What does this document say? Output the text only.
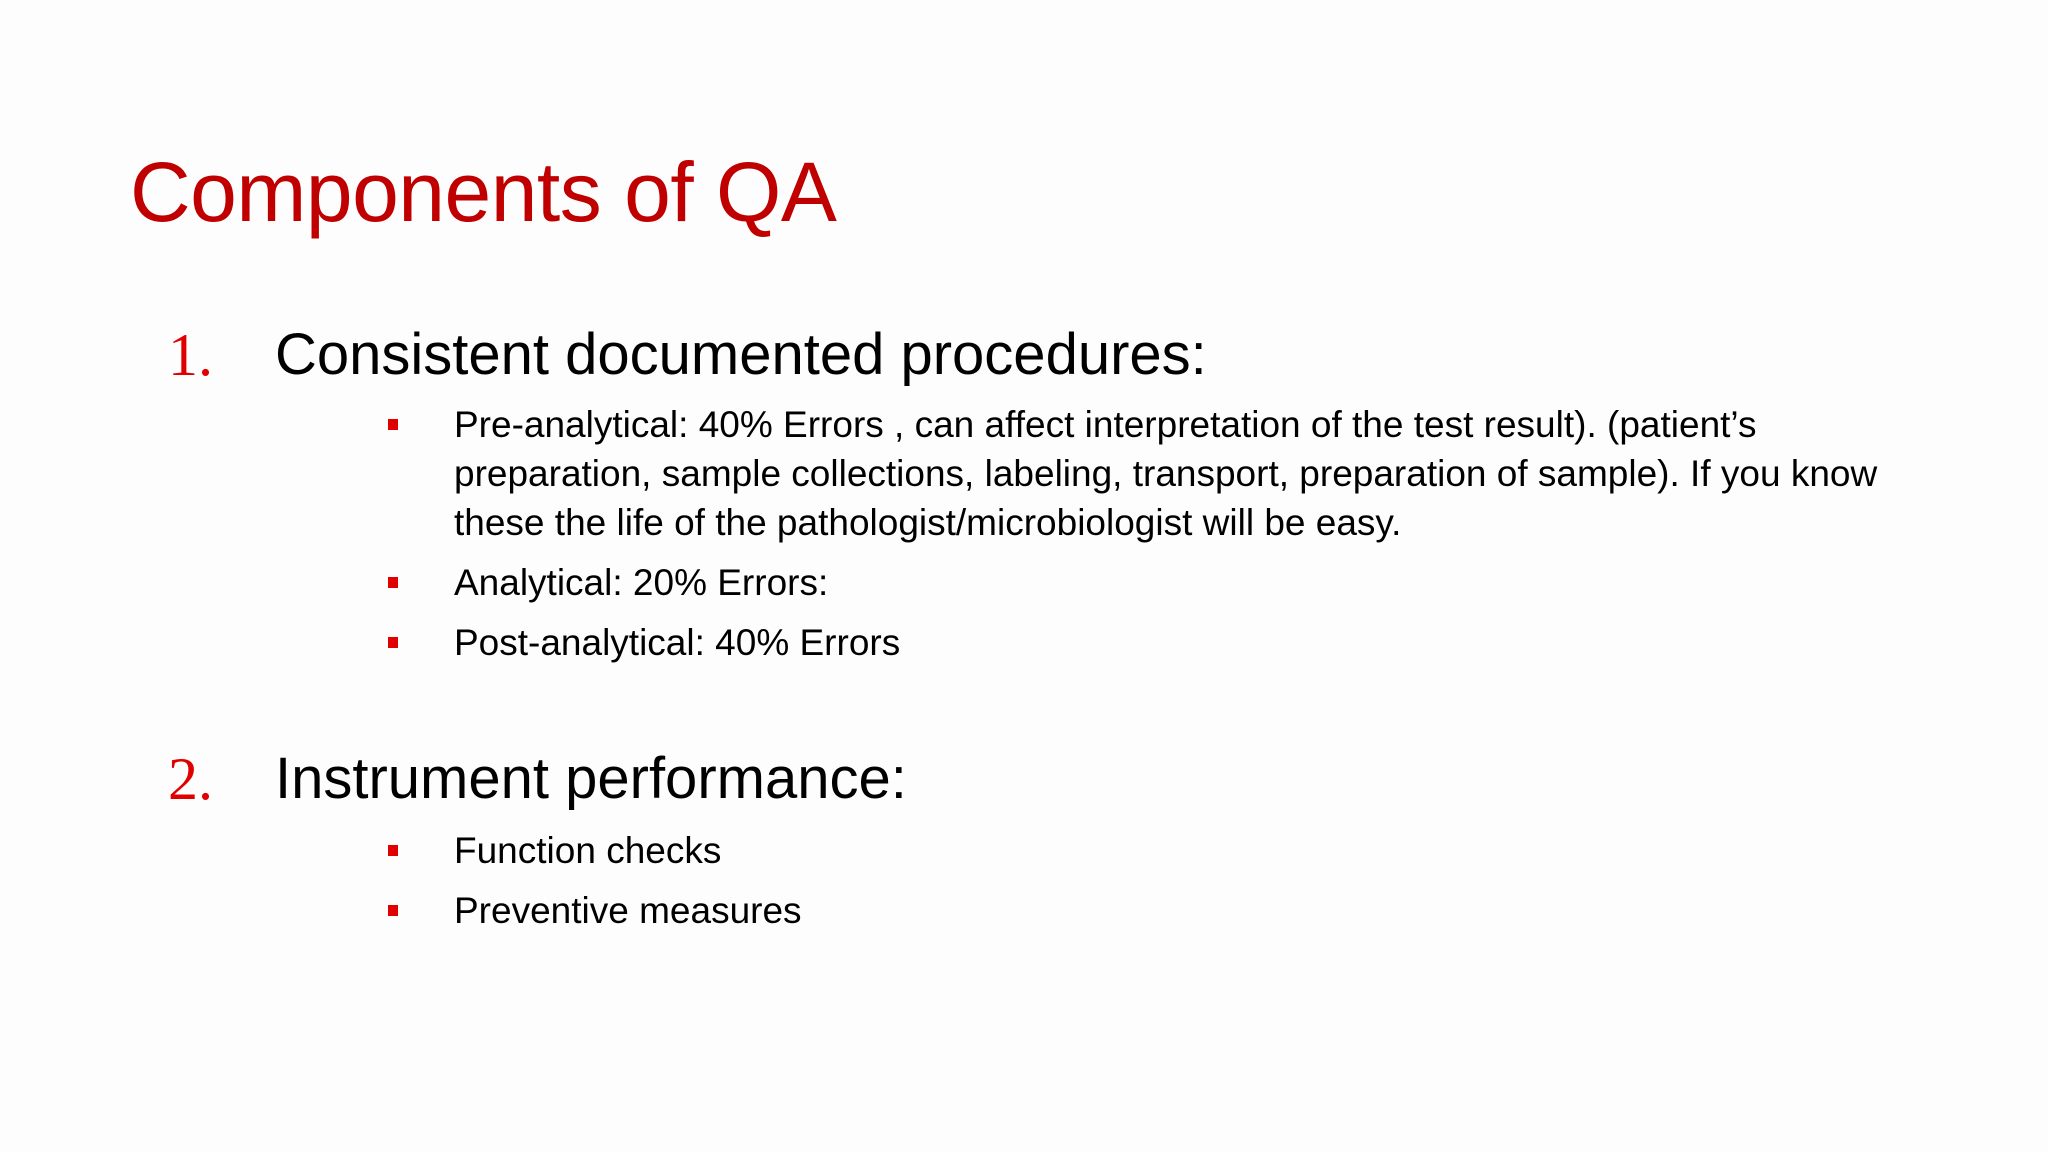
Components of QA
1. Consistent documented procedures:
Pre-analytical: 40% Errors , can affect interpretation of the test result). (patient’s preparation, sample collections, labeling, transport, preparation of sample). If you know these the life of the pathologist/microbiologist will be easy.
Analytical: 20% Errors:
Post-analytical: 40% Errors
2. Instrument performance:
Function checks
Preventive measures
